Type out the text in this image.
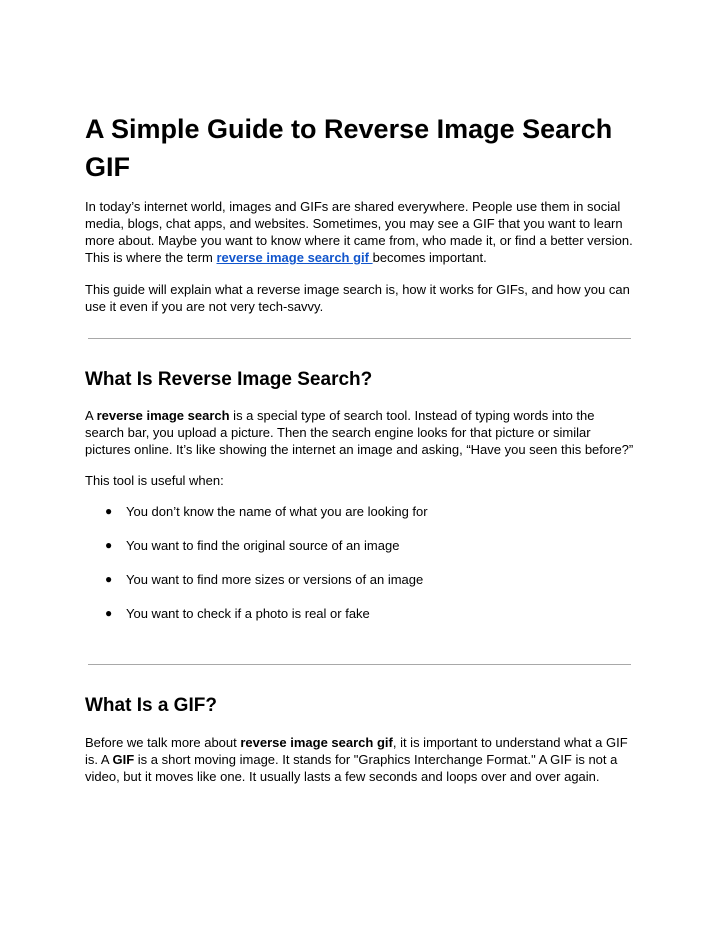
A Simple Guide to Reverse Image Search GIF

In today’s internet world, images and GIFs are shared everywhere. People use them in social media, blogs, chat apps, and websites. Sometimes, you may see a GIF that you want to learn more about. Maybe you want to know where it came from, who made it, or find a better version. This is where the term reverse image search gif becomes important.

This guide will explain what a reverse image search is, how it works for GIFs, and how you can use it even if you are not very tech-savvy.

What Is Reverse Image Search?

A reverse image search is a special type of search tool. Instead of typing words into the search bar, you upload a picture. Then the search engine looks for that picture or similar pictures online. It’s like showing the internet an image and asking, “Have you seen this before?”

This tool is useful when:

● You don’t know the name of what you are looking for
● You want to find the original source of an image
● You want to find more sizes or versions of an image
● You want to check if a photo is real or fake
What Is a GIF?

Before we talk more about reverse image search gif, it is important to understand what a GIF is. A GIF is a short moving image. It stands for "Graphics Interchange Format." A GIF is not a video, but it moves like one. It usually lasts a few seconds and loops over and over again.
